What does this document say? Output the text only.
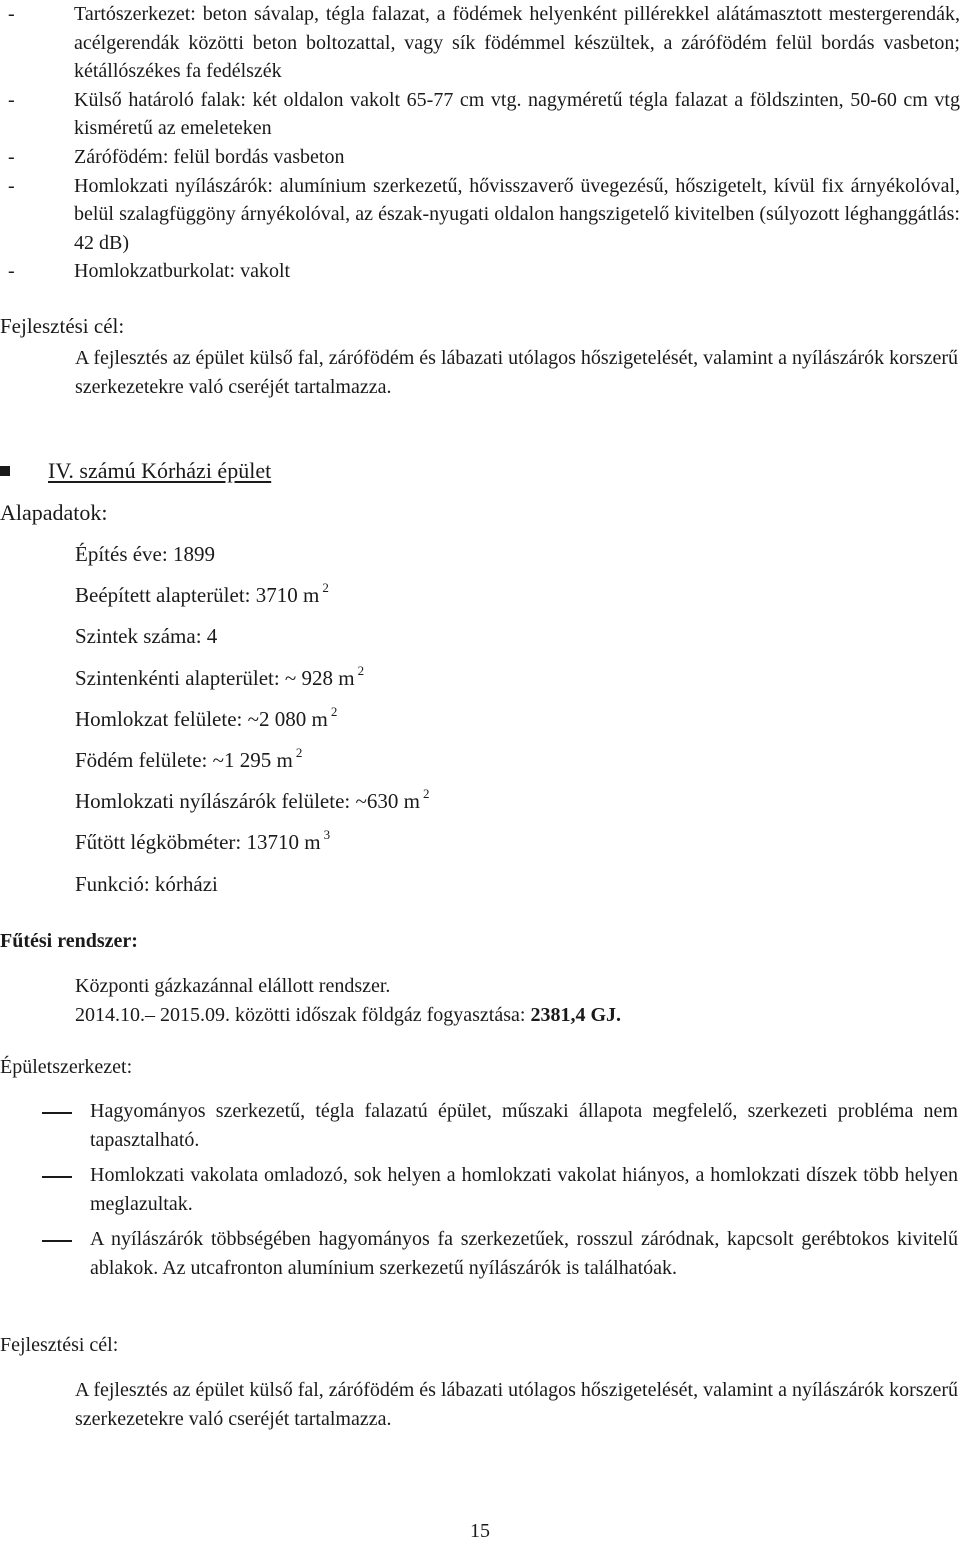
-	Tartószerkezet: beton sávalap, tégla falazat, a födémek helyenként pillérekkel alátámasztott mestergerendák, acélgerendák közötti beton boltozattal, vagy sík födémmel készültek, a zárófödém felül bordás vasbeton; kétállószékes fa fedélszék
-	Külső határoló falak: két oldalon vakolt 65-77 cm vtg. nagyméretű tégla falazat a földszinten, 50-60 cm vtg kisméretű az emeleteken
-	Zárófödém: felül bordás vasbeton
-	Homlokzati nyílászárók: alumínium szerkezetű, hővisszaverő üvegezésű, hőszigetelt, kívül fix árnyékolóval, belül szalagfüggöny árnyékolóval, az észak-nyugati oldalon hangszigetelő kivitelben (súlyozott léghanggátlás: 42 dB)
-	Homlokzatburkolat: vakolt
Fejlesztési cél:
A fejlesztés az épület külső fal, zárófödém és lábazati utólagos hőszigetelését, valamint a nyílászárók korszerű szerkezetekre való cseréjét tartalmazza.
IV. számú Kórházi épület
Alapadatok:
Építés éve: 1899
Beépített alapterület: 3710 m $^2$
Szintek száma: 4
Szintenkénti alapterület: ~ 928 m $^2$
Homlokzat felülete: ~2 080 m $^2$
Födém felülete: ~1 295 m $^2$
Homlokzati nyílászárók felülete: ~630 m $^2$
Fűtött légköbméter: 13710 m $^3$
Funkció: kórházi
Fűtési rendszer:
Központi gázkazánnal elállott rendszer.
2014.10.– 2015.09. közötti időszak földgáz fogyasztása: 2381,4 GJ.
Épületszerkezet:
Hagyományos szerkezetű, tégla falazatú épület, műszaki állapota megfelelő, szerkezeti probléma nem tapasztalható.
Homlokzati vakolata omladozó, sok helyen a homlokzati vakolat hiányos, a homlokzati díszek több helyen meglazultak.
A nyílászárók többségében hagyományos fa szerkezetűek, rosszul záródnak, kapcsolt gerébtokos kivitelű ablakok. Az utcafronton alumínium szerkezetű nyílászárók is találhatóak.
Fejlesztési cél:
A fejlesztés az épület külső fal, zárófödém és lábazati utólagos hőszigetelését, valamint a nyílászárók korszerű szerkezetekre való cseréjét tartalmazza.
15
